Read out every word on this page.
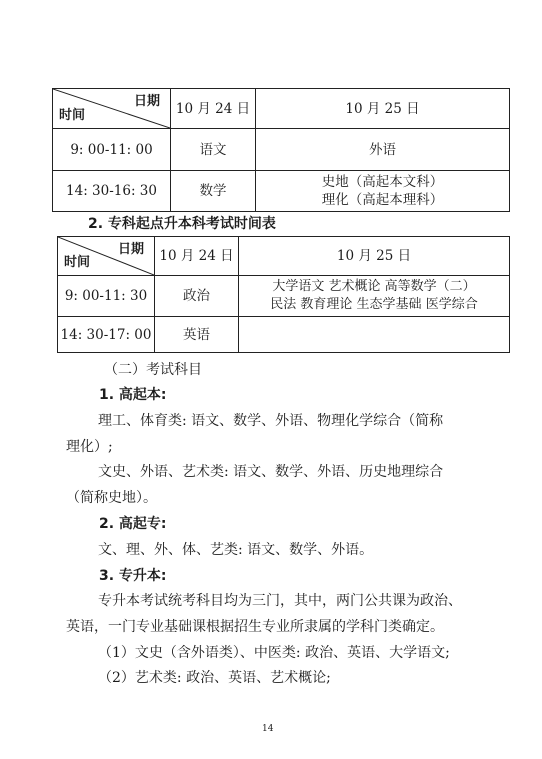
日期
时间	10 月 24 日	10 月 25 日
9: 00-11: 00	语文	外语

14: 30-16: 30	数学	史地（高起本文科）
理化（高起本理科）
2. 专科起点升本科考试时间表
日期
时间	10 月 24 日	10 月 25 日
9: 00-11: 30	政治	大学语文 艺术概论 高等数学（二）
民法 教育理论 生态学基础 医学综合

14: 30-17: 00	英语	
（二）考试科目
1. 高起本:
理工、体育类: 语文、数学、外语、物理化学综合（简称
理化）;
文史、外语、艺术类: 语文、数学、外语、历史地理综合
（简称史地）。
2. 高起专:
文、理、外、体、艺类: 语文、数学、外语。
3. 专升本:
专升本考试统考科目均为三门，其中，两门公共课为政治、
英语，一门专业基础课根据招生专业所隶属的学科门类确定。
（1）文史（含外语类）、中医类: 政治、英语、大学语文;
（2）艺术类: 政治、英语、艺术概论;
14
